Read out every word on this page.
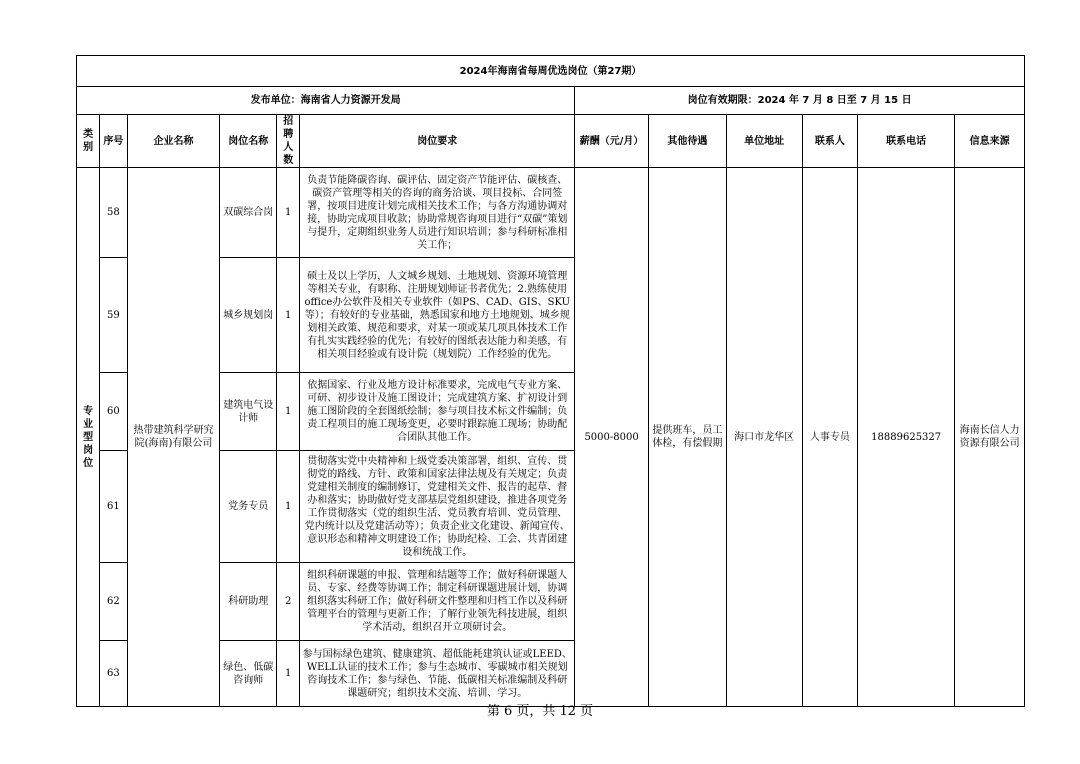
2024年海南省每周优选岗位（第27期）											
发布单位：海南省人力资源开发局						岗位有效期限：2024 年 7 月 8 日至 7 月 15 日					
类别	序号	企业名称	岗位名称	招聘人数	岗位要求	薪酬（元/月）	其他待遇	单位地址	联系人	联系电话	信息来源

专
业
型
岗
位	58	热带建筑科学研究院(海南)有限公司	双碳综合岗	1	负责节能降碳咨询、碳评估、固定资产节能评估、碳核查、碳资产管理等相关的咨询的商务洽谈、项目投标、合同签署，按项目进度计划完成相关技术工作；与各方沟通协调对接，协助完成项目收款；协助常规咨询项目进行“双碳”策划与提升，定期组织业务人员进行知识培训；参与科研标准相关工作；	5000-8000	提供班车，员工体检，有偿假期	海口市龙华区	人事专员	18889625327	海南长信人力资源有限公司
	59		城乡规划岗	1	硕士及以上学历，人文城乡规划、土地规划、资源环境管理等相关专业，有职称、注册规划师证书者优先；2.熟练使用office办公软件及相关专业软件（如PS、CAD、GIS、SKU等）；有较好的专业基础，熟悉国家和地方土地规划、城乡规划相关政策、规范和要求，对某一项或某几项具体技术工作有扎实实践经验的优先；有较好的图纸表达能力和美感，有相关项目经验或有设计院（规划院）工作经验的优先。						
	60		建筑电气设计师	1	依据国家、行业及地方设计标准要求，完成电气专业方案、可研、初步设计及施工图设计；完成建筑方案、扩初设计到施工图阶段的全套图纸绘制；参与项目技术标文件编制；负责工程项目的施工现场变更，必要时跟踪施工现场；协助配合团队其他工作。						
	61		党务专员	1	贯彻落实党中央精神和上级党委决策部署，组织、宣传、贯彻党的路线、方针、政策和国家法律法规及有关规定；负责党建相关制度的编制修订，党建相关文件、报告的起草、督办和落实；协助做好党支部基层党组织建设，推进各项党务工作贯彻落实（党的组织生活、党员教育培训、党员管理、党内统计以及党建活动等）；负责企业文化建设、新闻宣传、意识形态和精神文明建设工作；协助纪检、工会、共青团建设和统战工作。						
	62		科研助理	2	组织科研课题的申报、管理和结题等工作；做好科研课题人员、专家、经费等协调工作；制定科研课题进展计划，协调组织落实科研工作；做好科研文件整理和归档工作以及科研管理平台的管理与更新工作；了解行业领先科技进展，组织学术活动，组织召开立项研讨会。						
	63		绿色、低碳咨询师	1	参与国标绿色建筑、健康建筑、超低能耗建筑认证或LEED、WELL认证的技术工作；参与生态城市、零碳城市相关规划咨询技术工作；参与绿色、节能、低碳相关标准编制及科研课题研究；组织技术交流、培训、学习。						
第 6 页，共 12 页
